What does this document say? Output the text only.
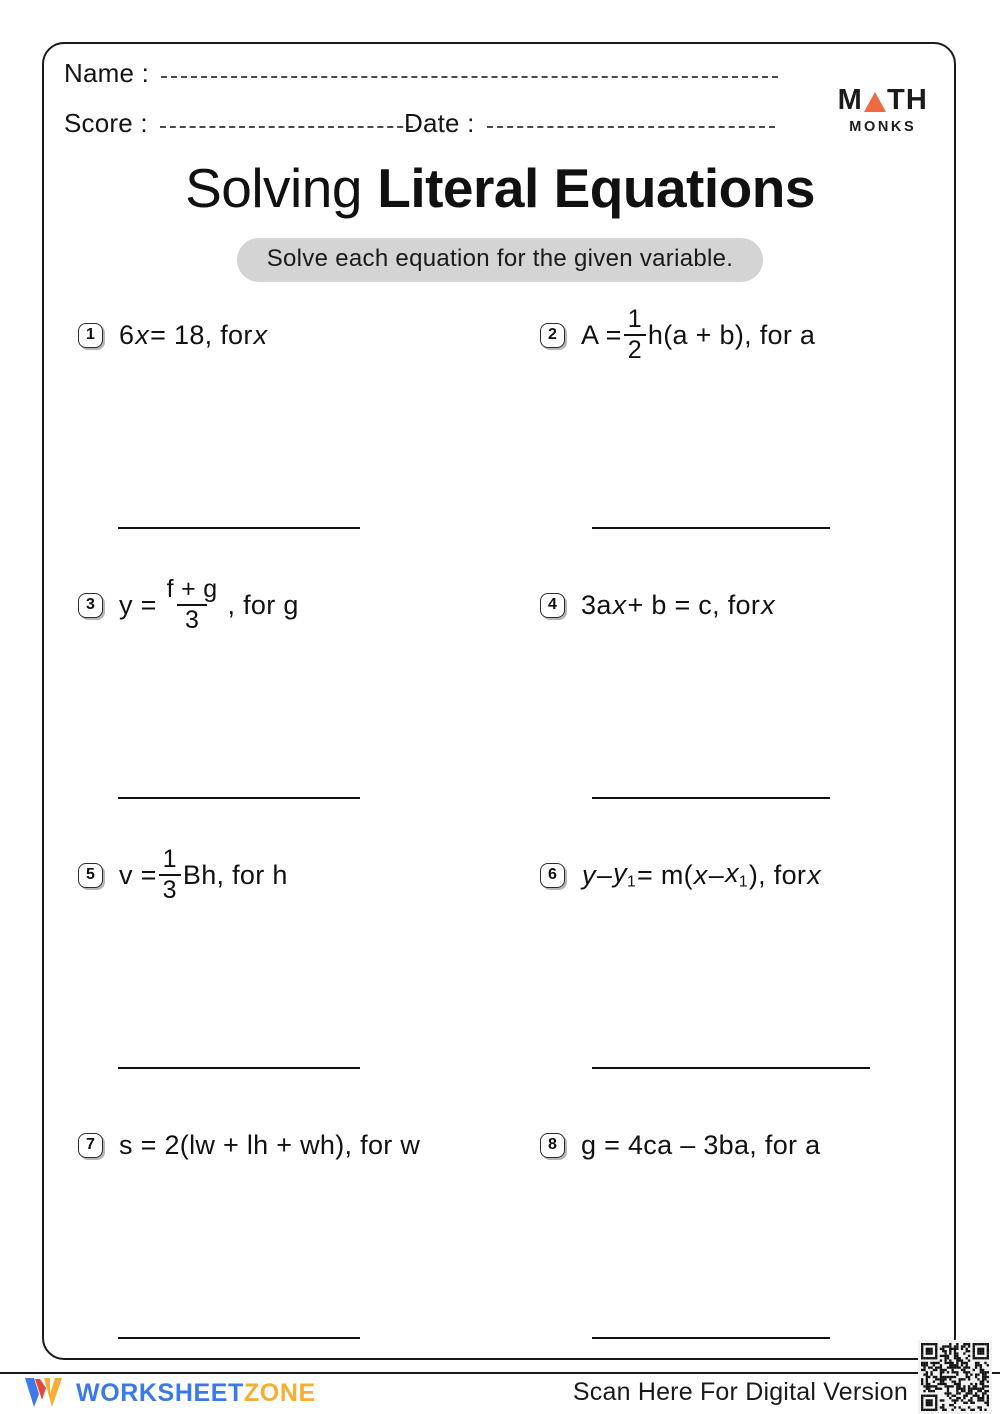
Name :
Score :	Date :
M TH
MONKS
Solving Literal Equations
Solve each equation for the given variable.
1 6 x = 18, for x	2 $A = \frac{1}{2} h(a + b)$, for a
3 $y = \frac{f + g}{3}$ , for g	4 3a x + b = c, for x
5 $v = \frac{1}{3} Bh$, for h	6 $y - y_1 = m$( x – $x_1$ ), for x
7 s = 2(lw + lh + wh), for w	8 g = 4ca – 3ba, for a
WORKSHEETZONE	Scan Here For Digital Version
